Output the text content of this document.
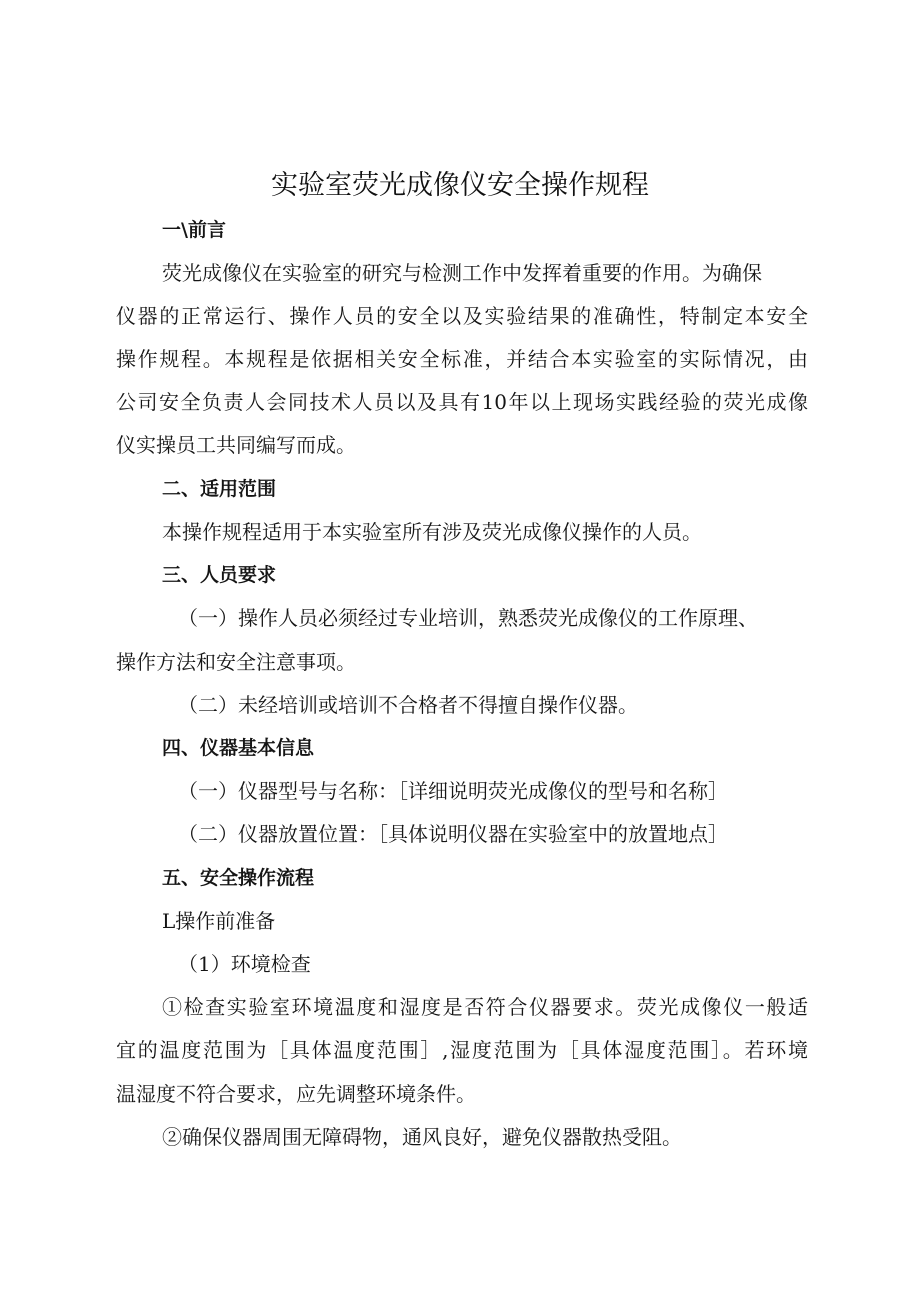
实验室荧光成像仪安全操作规程
一\前言
荧光成像仪在实验室的研究与检测工作中发挥着重要的作用。为确保
仪器的正常运行、操作人员的安全以及实验结果的准确性，特制定本安全
操作规程。本规程是依据相关安全标准，并结合本实验室的实际情况，由
公司安全负责人会同技术人员以及具有10年以上现场实践经验的荧光成像
仪实操员工共同编写而成。
二、适用范围
本操作规程适用于本实验室所有涉及荧光成像仪操作的人员。
三、人员要求
（一）操作人员必须经过专业培训，熟悉荧光成像仪的工作原理、
操作方法和安全注意事项。
（二）未经培训或培训不合格者不得擅自操作仪器。
四、仪器基本信息
（一）仪器型号与名称：［详细说明荧光成像仪的型号和名称］
（二）仪器放置位置：［具体说明仪器在实验室中的放置地点］
五、安全操作流程
L操作前准备
（1）环境检查
①检查实验室环境温度和湿度是否符合仪器要求。荧光成像仪一般适
宜的温度范围为［具体温度范围］,湿度范围为［具体湿度范围］。若环境
温湿度不符合要求，应先调整环境条件。
②确保仪器周围无障碍物，通风良好，避免仪器散热受阻。
